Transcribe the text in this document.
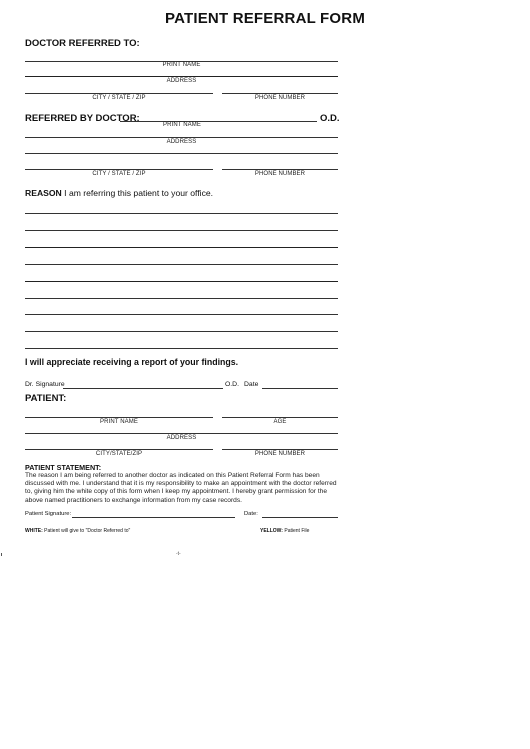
PATIENT REFERRAL FORM
DOCTOR REFERRED TO:
PRINT NAME
ADDRESS
CITY / STATE / ZIP	PHONE NUMBER
REFERRED BY DOCTOR:	O.D.
PRINT NAME
ADDRESS
CITY / STATE / ZIP	PHONE NUMBER
REASON I am referring this patient to your office.
I will appreciate receiving a report of your findings.
Dr. Signature	O.D. Date
PATIENT:
PRINT NAME	AGE
ADDRESS
CITY/STATE/ZIP	PHONE NUMBER
PATIENT STATEMENT:
The reason I am being referred to another doctor as indicated on this Patient Referral Form has been
discussed with me. I understand that it is my responsibility to make an appointment with the doctor referred
to, giving him the white copy of this form when I keep my appointment. I hereby grant permission for the
above named practitioners to exchange information from my case records.
Patient Signature:	Date:
WHITE: Patient will give to "Doctor Referred to"	YELLOW: Patient File
-t-
